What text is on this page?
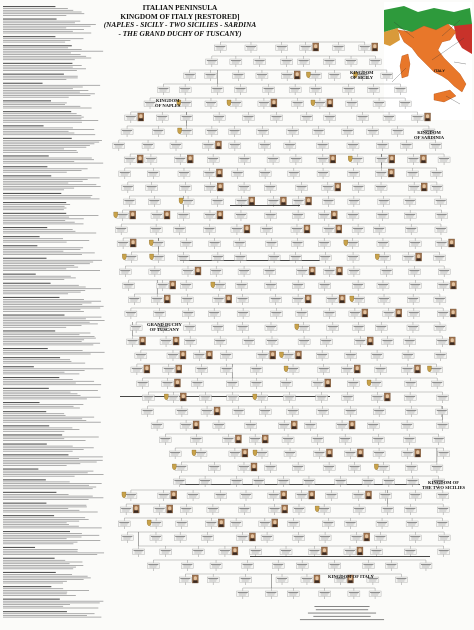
ITALIAN PENINSULA
KINGDOM OF ITALY [RESTORED]
(NAPLES - SICILY - TWO SICILIES - SARDINA
- THE GRAND DUCHY OF TUSCANY)
ITALY
KINGDOM
OF SICILY
KINGDOM
OF NAPLES
KINGDOM
OF SARDINIA
GRAND DUCHY
OF TUSCANY
KINGDOM OF
THE TWO SICILIES
KINGDOM OF ITALY
